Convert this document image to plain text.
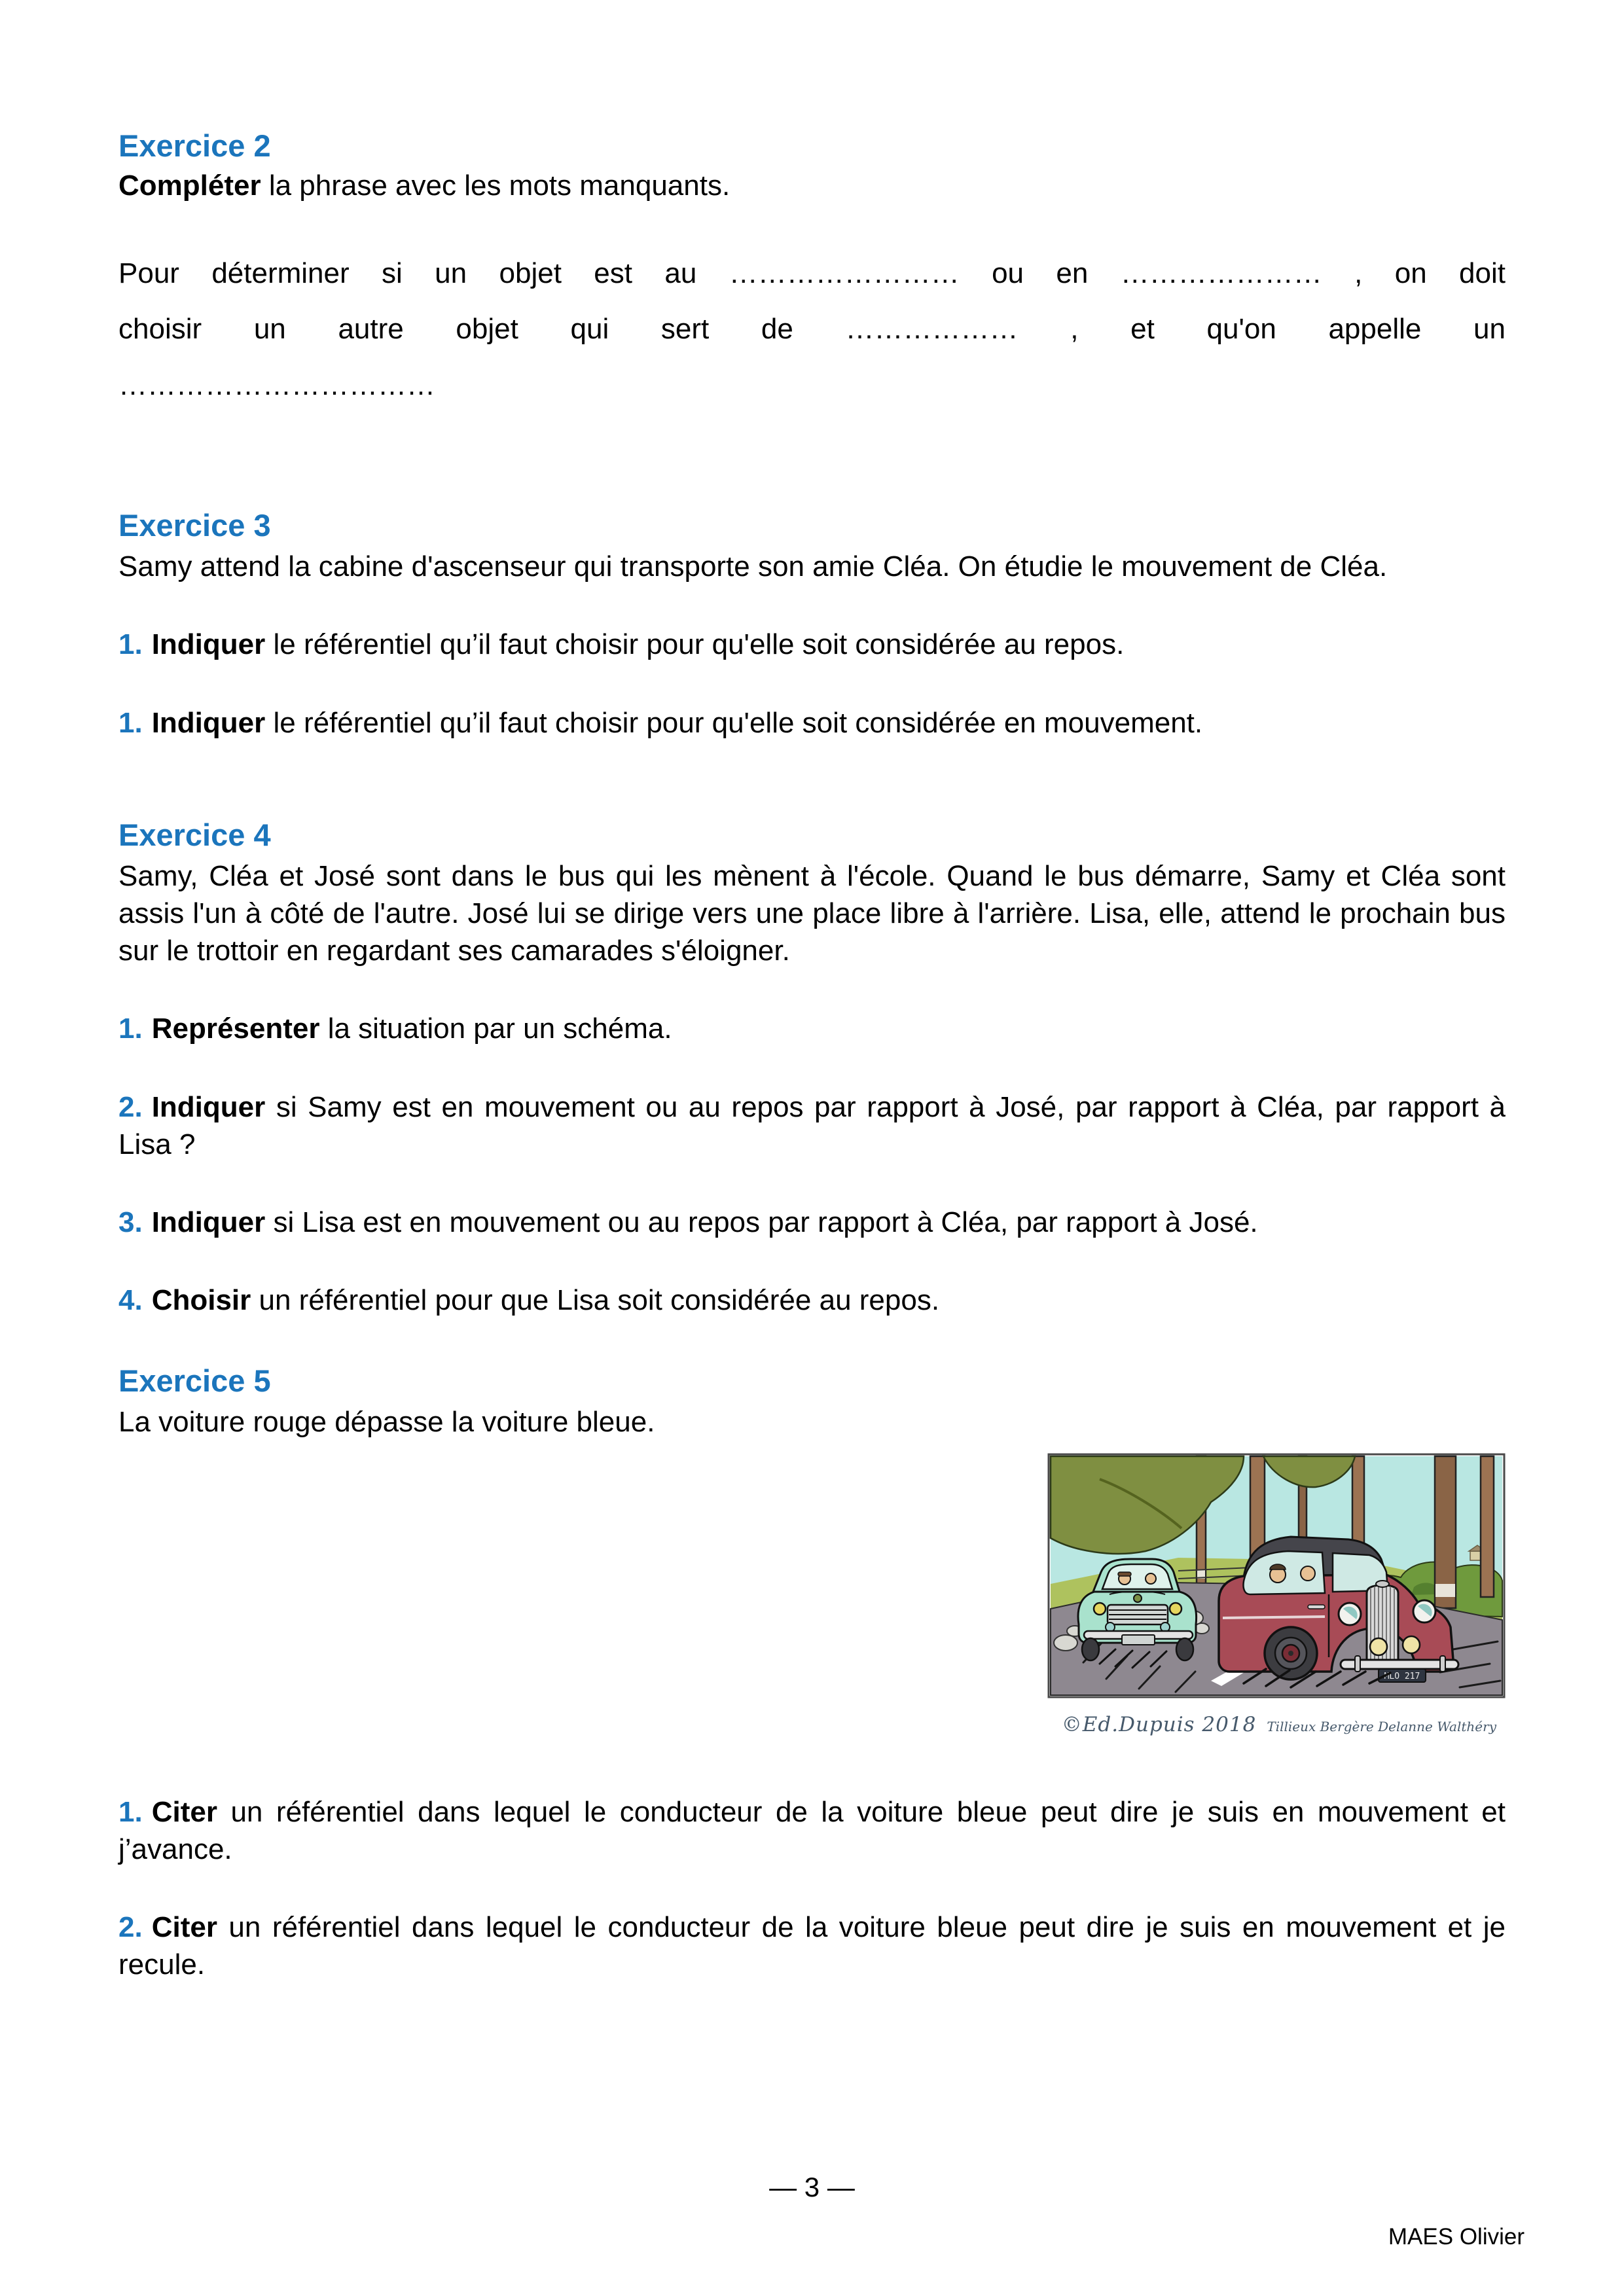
Exercice 2

Compléter la phrase avec les mots manquants.

Pour déterminer si un objet est au …………………… ou en ………………… , on doit
choisir un autre objet qui sert de ……………… , et qu'on appelle un
……………………………
Exercice 3

Samy attend la cabine d'ascenseur qui transporte son amie Cléa. On étudie le mouvement de Cléa.

1. Indiquer le référentiel qu’il faut choisir pour qu'elle soit considérée au repos.

1. Indiquer le référentiel qu’il faut choisir pour qu'elle soit considérée en mouvement.

Exercice 4

Samy, Cléa et José sont dans le bus qui les mènent à l'école. Quand le bus démarre, Samy et Cléa sont assis l'un à côté de l'autre. José lui se dirige vers une place libre à l'arrière. Lisa, elle, attend le prochain bus sur le trottoir en regardant ses camarades s'éloigner.

1. Représenter la situation par un schéma.

2. Indiquer si Samy est en mouvement ou au repos par rapport à José, par rapport à Cléa, par rapport à Lisa ?

3. Indiquer si Lisa est en mouvement ou au repos par rapport à Cléa, par rapport à José.

4. Choisir un référentiel pour que Lisa soit considérée au repos.

Exercice 5

La voiture rouge dépasse la voiture bleue.

MLO 217
©Ed.Dupuis 2018 Tillieux Bergère Delanne Walthéry

1. Citer un référentiel dans lequel le conducteur de la voiture bleue peut dire je suis en mouvement et j’avance.

2. Citer un référentiel dans lequel le conducteur de la voiture bleue peut dire je suis en mouvement et je recule.

— 3 —
MAES Olivier
